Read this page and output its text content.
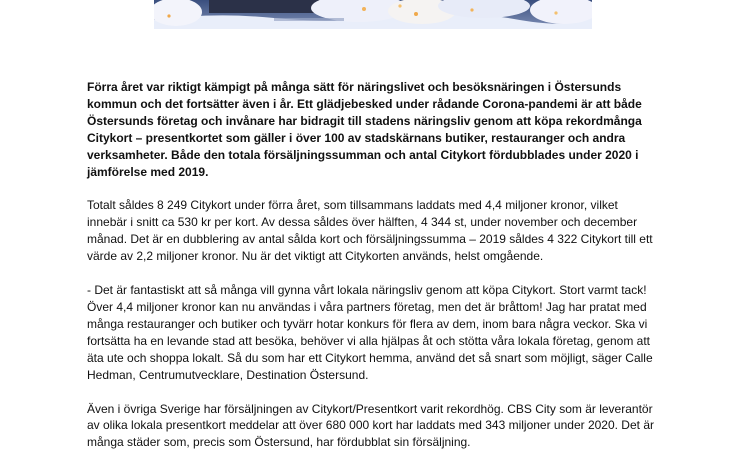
Förra året var riktigt kämpigt på många sätt för näringslivet och besöksnäringen i Östersunds kommun och det fortsätter även i år. Ett glädjebesked under rådande Corona-pandemi är att både Östersunds företag och invånare har bidragit till stadens näringsliv genom att köpa rekordmånga Citykort – presentkortet som gäller i över 100 av stadskärnans butiker, restauranger och andra verksamheter. Både den totala försäljningssumman och antal Citykort fördubblades under 2020 i jämförelse med 2019.

Totalt såldes 8 249 Citykort under förra året, som tillsammans laddats med 4,4 miljoner kronor, vilket innebär i snitt ca 530 kr per kort. Av dessa såldes över hälften, 4 344 st, under november och december månad. Det är en dubblering av antal sålda kort och försäljningssumma – 2019 såldes 4 322 Citykort till ett värde av 2,2 miljoner kronor. Nu är det viktigt att Citykorten används, helst omgående.

- Det är fantastiskt att så många vill gynna vårt lokala näringsliv genom att köpa Citykort. Stort varmt tack! Över 4,4 miljoner kronor kan nu användas i våra partners företag, men det är bråttom! Jag har pratat med många restauranger och butiker och tyvärr hotar konkurs för flera av dem, inom bara några veckor. Ska vi fortsätta ha en levande stad att besöka, behöver vi alla hjälpas åt och stötta våra lokala företag, genom att äta ute och shoppa lokalt. Så du som har ett Citykort hemma, använd det så snart som möjligt, säger Calle Hedman, Centrumutvecklare, Destination Östersund.

Även i övriga Sverige har försäljningen av Citykort/Presentkort varit rekordhög. CBS City som är leverantör av olika lokala presentkort meddelar att över 680 000 kort har laddats med 343 miljoner under 2020. Det är många städer som, precis som Östersund, har fördubblat sin försäljning.
